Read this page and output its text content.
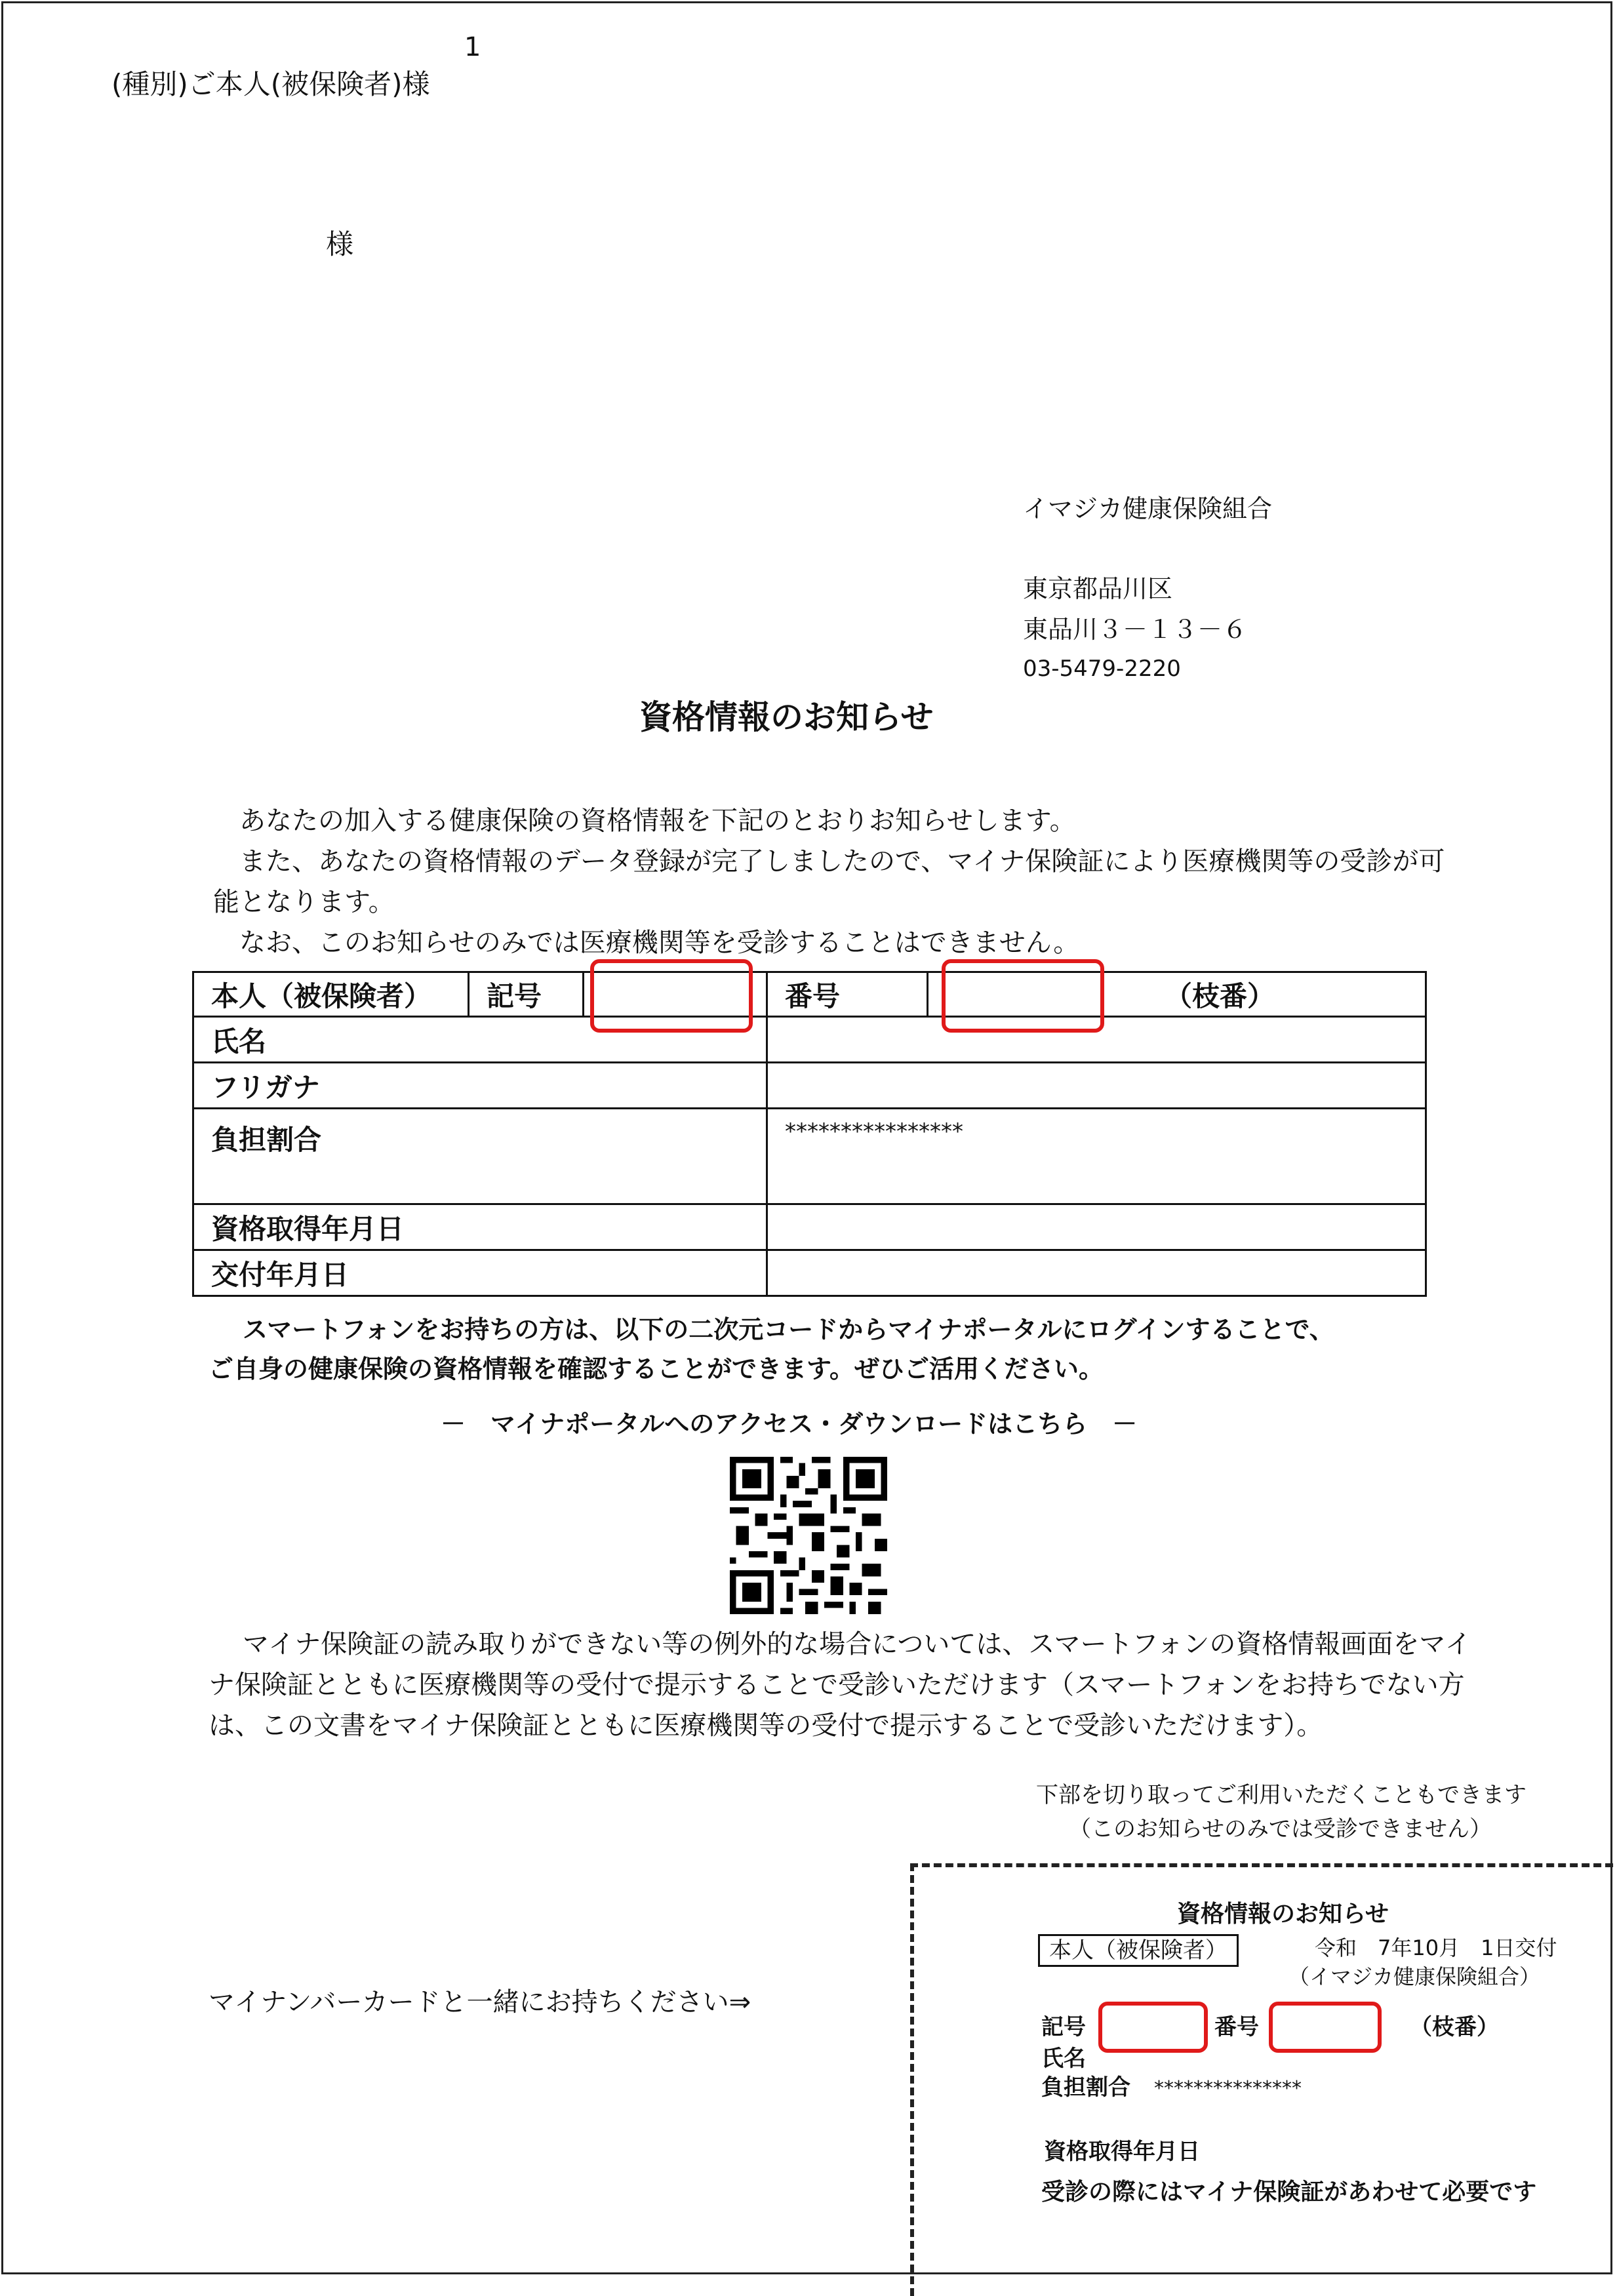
1
(種別)ご本人(被保険者)様
様
イマジカ健康保険組合
東京都品川区
東品川３－１３－６
03-5479-2220
資格情報のお知らせ
あなたの加入する健康保険の資格情報を下記のとおりお知らせします。
また、あなたの資格情報のデータ登録が完了しましたので、マイナ保険証により医療機関等の受診が可
能となります。
なお、このお知らせのみでは医療機関等を受診することはできません。
本人（被保険者）	記号		番号	（枝番）
氏名				
フリガナ				
負担割合			****************	
資格取得年月日				
交付年月日				
スマートフォンをお持ちの方は、以下の二次元コードからマイナポータルにログインすることで、
ご自身の健康保険の資格情報を確認することができます。ぜひご活用ください。
－　マイナポータルへのアクセス・ダウンロードはこちら　－
マイナ保険証の読み取りができない等の例外的な場合については、スマートフォンの資格情報画面をマイ
ナ保険証とともに医療機関等の受付で提示することで受診いただけます（スマートフォンをお持ちでない方
は、この文書をマイナ保険証とともに医療機関等の受付で提示することで受診いただけます）。
下部を切り取ってご利用いただくこともできます
（このお知らせのみでは受診できません）
マイナンバーカードと一緒にお持ちください⇒
資格情報のお知らせ
本人（被保険者）	令和　7年10月　1日交付
（イマジカ健康保険組合）
記号	番号	（枝番）
氏名
負担割合 ***************
資格取得年月日
受診の際にはマイナ保険証があわせて必要です
